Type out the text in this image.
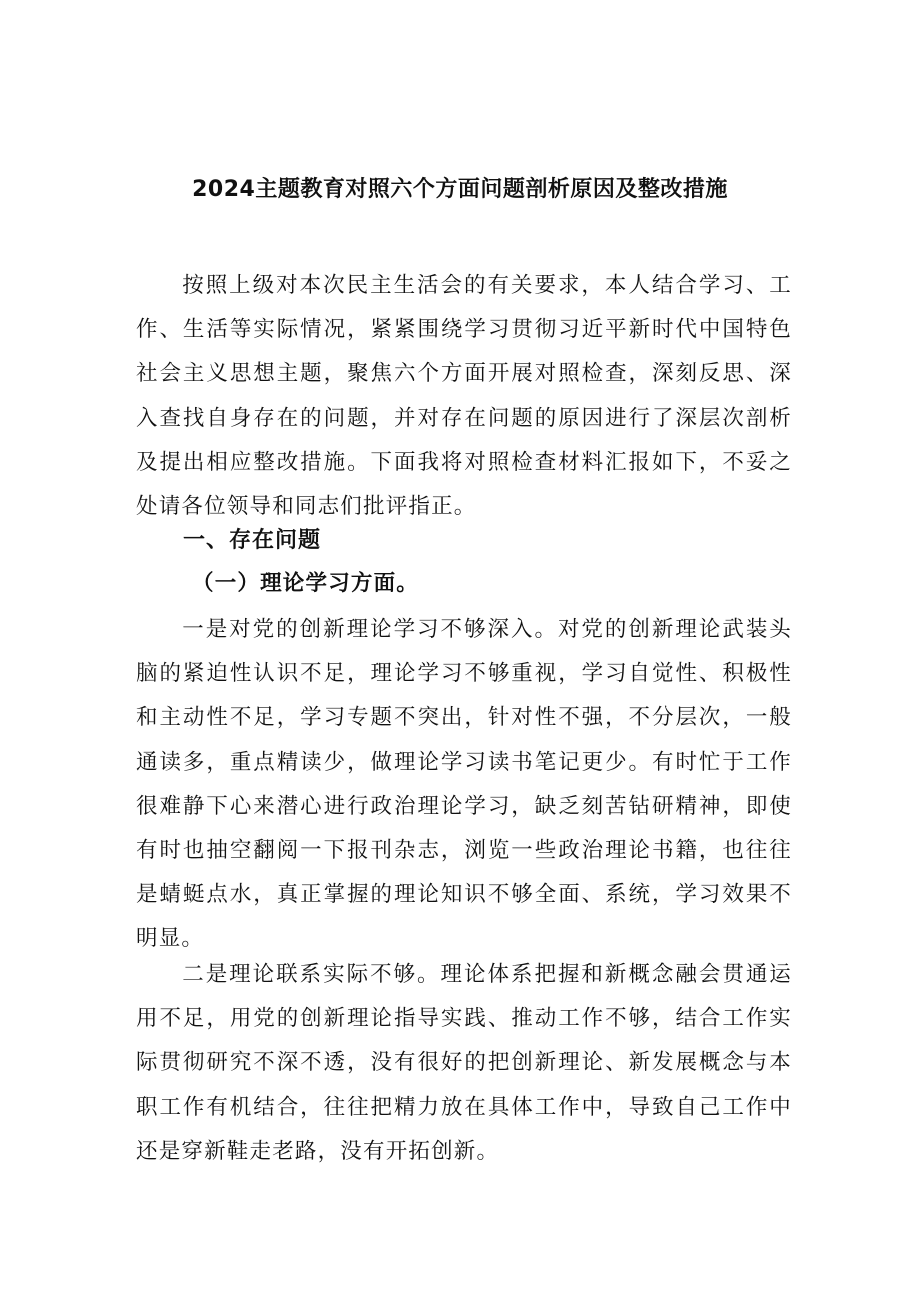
2024主题教育对照六个方面问题剖析原因及整改措施

按照上级对本次民主生活会的有关要求，本人结合学习、工作、生活等实际情况，紧紧围绕学习贯彻习近平新时代中国特色社会主义思想主题，聚焦六个方面开展对照检查，深刻反思、深入查找自身存在的问题，并对存在问题的原因进行了深层次剖析及提出相应整改措施。下面我将对照检查材料汇报如下，不妥之处请各位领导和同志们批评指正。

一、存在问题
（一）理论学习方面。

一是对党的创新理论学习不够深入。对党的创新理论武装头脑的紧迫性认识不足，理论学习不够重视，学习自觉性、积极性和主动性不足，学习专题不突出，针对性不强，不分层次，一般通读多，重点精读少，做理论学习读书笔记更少。有时忙于工作很难静下心来潜心进行政治理论学习，缺乏刻苦钻研精神，即使有时也抽空翻阅一下报刊杂志，浏览一些政治理论书籍，也往往是蜻蜓点水，真正掌握的理论知识不够全面、系统，学习效果不明显。

二是理论联系实际不够。理论体系把握和新概念融会贯通运用不足，用党的创新理论指导实践、推动工作不够，结合工作实际贯彻研究不深不透，没有很好的把创新理论、新发展概念与本职工作有机结合，往往把精力放在具体工作中，导致自己工作中还是穿新鞋走老路，没有开拓创新。
